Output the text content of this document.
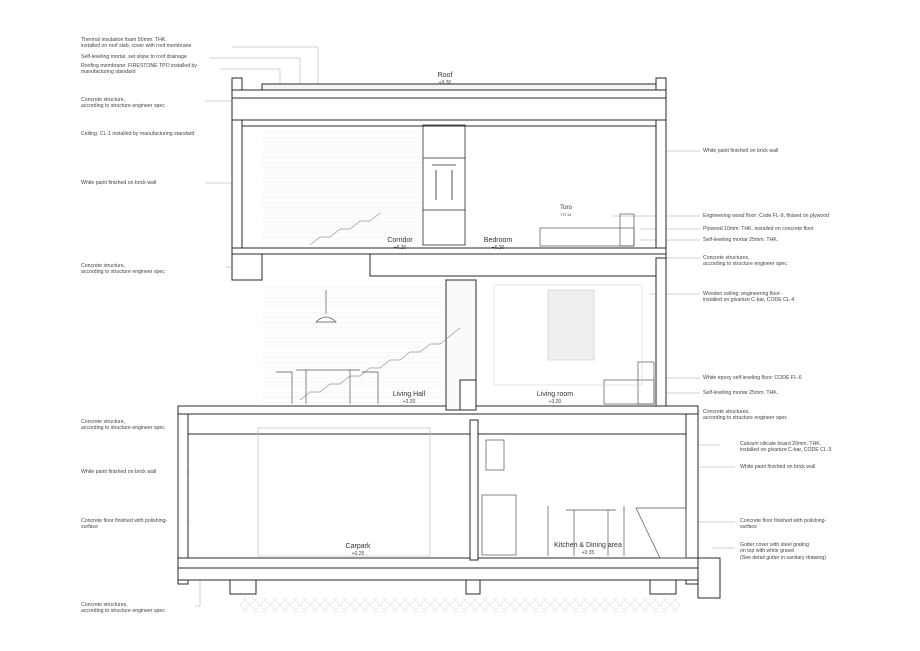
Roof
+9.30
Corridor
+6.20
Bedroom
+6.20
Living Hall
+3.20
Living room
+3.20
Carpark
+0.25
Kitchen & Dining area
+0.35
Toro
TH 14
Thermal insulation foam 50mm. THK.
installed on roof slab, cover with roof membrane
Self-leveling mortar, set slope to roof drainage
Roofing membrane: FIRESTONE TPO installed by
manufacturing standard
Concrete structure,
according to structure engineer spec
Ceiling: CL-1 installed by manufacturing standard
White paint finished on brick wall
Concrete structure,
according to structure engineer spec
Concrete structure,
according to structure engineer spec
White paint finished on brick wall
Concrete floor finished with polishing-
surface
Concrete structures,
according to structure engineer spec
White paint finished on brick wall
Engineering wood floor: Code FL-9, finised on plywood
Plywood 10mm. THK. installed on concrete floor
Self-leveling mortar 25mm. THK.
Concrete structures,
according to structure engineer spec
Wooden ceiling: engineering floor-
installed on glvanize C-bar, CODE CL-4
White epoxy self leveling floor: CODE FL-6
Self-leveling mortar 25mm. THK.
Concrete structures,
according to structure engineer spec
Calcium silicate board 20mm. THK.
installed on glvanize C-bar, CODE CL-3
White paint finished on brick wall
Concrete floor finished with polishing-
surface
Gutter cover with steel grating
on top with white gravel
(See detail gutter in sanitary drawing)
